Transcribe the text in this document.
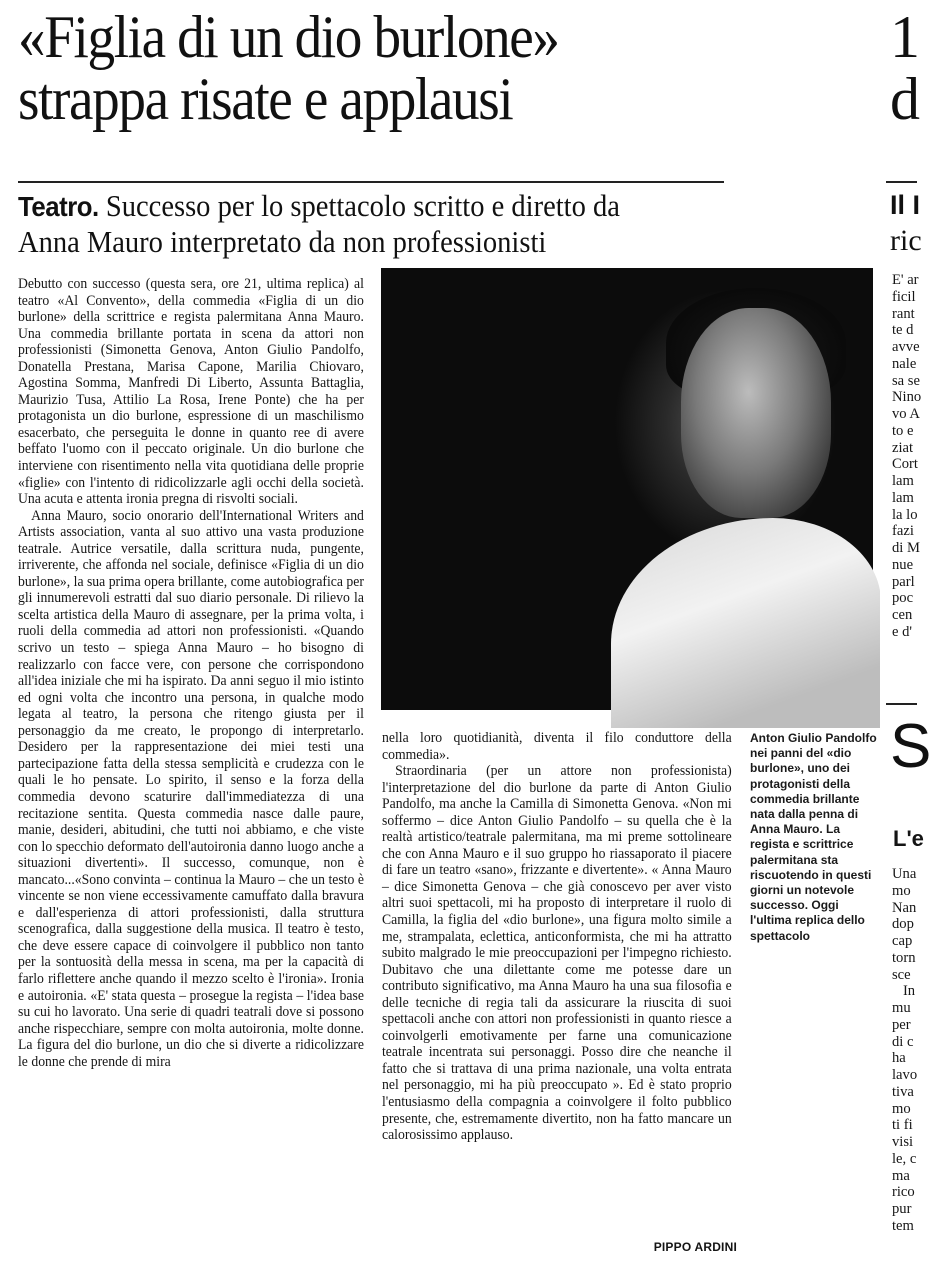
«Figlia di un dio burlone»
strappa risate e applausi
Teatro. Successo per lo spettacolo scritto e diretto da Anna Mauro interpretato da non professionisti

Debutto con successo (questa sera, ore 21, ultima replica) al teatro «Al Convento», della commedia «Figlia di un dio burlone» della scrittrice e regista palermitana Anna Mauro. Una commedia brillante portata in scena da attori non professionisti (Simonetta Genova, Anton Giulio Pandolfo, Donatella Prestana, Marisa Capone, Marilia Chiovaro, Agostina Somma, Manfredi Di Liberto, Assunta Battaglia, Maurizio Tusa, Attilio La Rosa, Irene Ponte) che ha per protagonista un dio burlone, espressione di un maschilismo esacerbato, che perseguita le donne in quanto ree di avere beffato l'uomo con il peccato originale. Un dio burlone che interviene con risentimento nella vita quotidiana delle proprie «figlie» con l'intento di ridicolizzarle agli occhi della società. Una acuta e attenta ironia pregna di risvolti sociali.

Anna Mauro, socio onorario dell'International Writers and Artists association, vanta al suo attivo una vasta produzione teatrale. Autrice versatile, dalla scrittura nuda, pungente, irriverente, che affonda nel sociale, definisce «Figlia di un dio burlone», la sua prima opera brillante, come autobiografica per gli innumerevoli estratti dal suo diario personale. Di rilievo la scelta artistica della Mauro di assegnare, per la prima volta, i ruoli della commedia ad attori non professionisti. «Quando scrivo un testo – spiega Anna Mauro – ho bisogno di realizzarlo con facce vere, con persone che corrispondono all'idea iniziale che mi ha ispirato. Da anni seguo il mio istinto ed ogni volta che incontro una persona, in qualche modo legata al teatro, la persona che ritengo giusta per il personaggio da me creato, le propongo di interpretarlo. Desidero per la rappresentazione dei miei testi una partecipazione fatta della stessa semplicità e crudezza con le quali le ho pensate. Lo spirito, il senso e la forza della commedia devono scaturire dall'immediatezza di una recitazione sentita. Questa commedia nasce dalle paure, manie, desideri, abitudini, che tutti noi abbiamo, e che viste con lo specchio deformato dell'autoironia danno luogo anche a situazioni divertenti». Il successo, comunque, non è mancato...«Sono convinta – continua la Mauro – che un testo è vincente se non viene eccessivamente camuffato dalla bravura e dall'esperienza di attori professionisti, dalla struttura scenografica, dalla suggestione della musica. Il teatro è testo, che deve essere capace di coinvolgere il pubblico non tanto per la sontuosità della messa in scena, ma per la capacità di farlo riflettere anche quando il mezzo scelto è l'ironia». Ironia e autoironia. «E' stata questa – prosegue la regista – l'idea base su cui ho lavorato. Una serie di quadri teatrali dove si possono anche rispecchiare, sempre con molta autoironia, molte donne. La figura del dio burlone, un dio che si diverte a ridicolizzare le donne che prende di mira

nella loro quotidianità, diventa il filo conduttore della commedia».

Straordinaria (per un attore non professionista) l'interpretazione del dio burlone da parte di Anton Giulio Pandolfo, ma anche la Camilla di Simonetta Genova. «Non mi soffermo – dice Anton Giulio Pandolfo – su quella che è la realtà artistico/teatrale palermitana, ma mi preme sottolineare che con Anna Mauro e il suo gruppo ho riassaporato il piacere di fare un teatro «sano», frizzante e divertente». « Anna Mauro – dice Simonetta Genova – che già conoscevo per aver visto altri suoi spettacoli, mi ha proposto di interpretare il ruolo di Camilla, la figlia del «dio burlone», una figura molto simile a me, strampalata, eclettica, anticonformista, che mi ha attratto subito malgrado le mie preoccupazioni per l'impegno richiesto. Dubitavo che una dilettante come me potesse dare un contributo significativo, ma Anna Mauro ha una sua filosofia e delle tecniche di regia tali da assicurare la riuscita di suoi spettacoli anche con attori non professionisti in quanto riesce a coinvolgerli emotivamente per farne una comunicazione teatrale incentrata sui personaggi. Posso dire che neanche il fatto che si trattava di una prima nazionale, una volta entrata nel personaggio, mi ha più preoccupato ». Ed è stato proprio l'entusiasmo della compagnia a coinvolgere il folto pubblico presente, che, estremamente divertito, non ha fatto mancare un calorosissimo applauso.

Anton Giulio Pandolfo nei panni del «dio burlone», uno dei protagonisti della commedia brillante nata dalla penna di Anna Mauro. La regista e scrittrice palermitana sta riscuotendo in questi giorni un notevole successo. Oggi l'ultima replica dello spettacolo
PIPPO ARDINI
1
d
Il I
ric
E' ar
ficil
rant
te d
avve
nale
sa se
Nino
vo A
to e
ziat
Cort
lam
lam
la lo
fazi
di M
nue
parl
poc
cen
e d'
S
L'e
Una
mo
Nan
dop
cap
torn
sce
In
mu
per
di c
ha
lavo
tiva
mo
ti fi
visi
le, c
ma
rico
pur
tem
